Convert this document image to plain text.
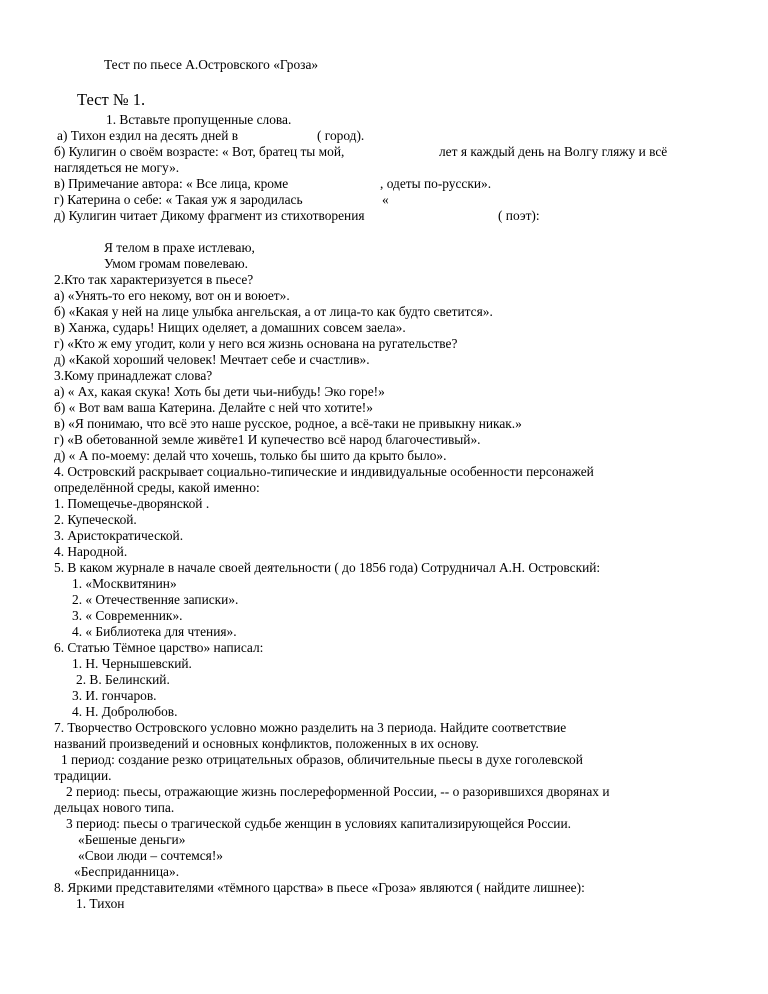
Тест по пьесе А.Островского «Гроза»
Тест № 1.
1. Вставьте пропущенные слова.
а) Тихон ездил на десять дней в	( город).
б) Кулигин о своём возрасте: « Вот, братец ты мой,	лет я каждый день на Волгу гляжу и всё
наглядеться не могу».
в) Примечание автора: « Все лица, кроме	, одеты по-русски».
г) Катерина о себе: « Такая уж я зародилась	«
д) Кулигин читает Дикому фрагмент из стихотворения	( поэт):
Я телом в прахе истлеваю,
Умом громам повелеваю.
2.Кто так характеризуется в пьесе?
а) «Унять-то его некому, вот он и воюет».
б) «Какая у ней на лице улыбка ангельская, а от лица-то как будто светится».
в) Ханжа, сударь! Нищих оделяет, а домашних совсем заела».
г) «Кто ж ему угодит, коли у него вся жизнь основана на ругательстве?
д) «Какой хороший человек! Мечтает себе и счастлив».
3.Кому принадлежат слова?
а) « Ах, какая скука! Хоть бы дети чьи-нибудь! Эко горе!»
б) « Вот вам ваша Катерина. Делайте с ней что хотите!»
в) «Я понимаю, что всё это наше русское, родное, а всё-таки не привыкну никак.»
г) «В обетованной земле живёте1 И купечество всё народ благочестивый».
д) « А по-моему: делай что хочешь, только бы шито да крыто было».
4. Островский раскрывает социально-типические и индивидуальные особенности персонажей
определённой среды, какой именно:
1. Помещечье-дворянской .
2. Купеческой.
3. Аристократической.
4. Народной.
5. В каком журнале в начале своей деятельности ( до 1856 года) Сотрудничал А.Н. Островский:
1. «Москвитянин»
2. « Отечественняе записки».
3. « Современник».
4. « Библиотека для чтения».
6. Статью Тёмное царство» написал:
1. Н. Чернышевский.
2. В. Белинский.
3. И. гончаров.
4. Н. Добролюбов.
7. Творчество Островского условно можно разделить на 3 периода. Найдите соответствие
названий произведений и основных конфликтов, положенных в их основу.
1 период: создание резко отрицательных образов, обличительные пьесы в духе гоголевской
традиции.
2 период: пьесы, отражающие жизнь послереформенной России, -- о разорившихся дворянах и
дельцах нового типа.
3 период: пьесы о трагической судьбе женщин в условиях капитализирующейся России.
«Бешеные деньги»
«Свои люди – сочтемся!»
«Бесприданница».
8. Яркими представителями «тёмного царства» в пьесе «Гроза» являются ( найдите лишнее):
1. Тихон
